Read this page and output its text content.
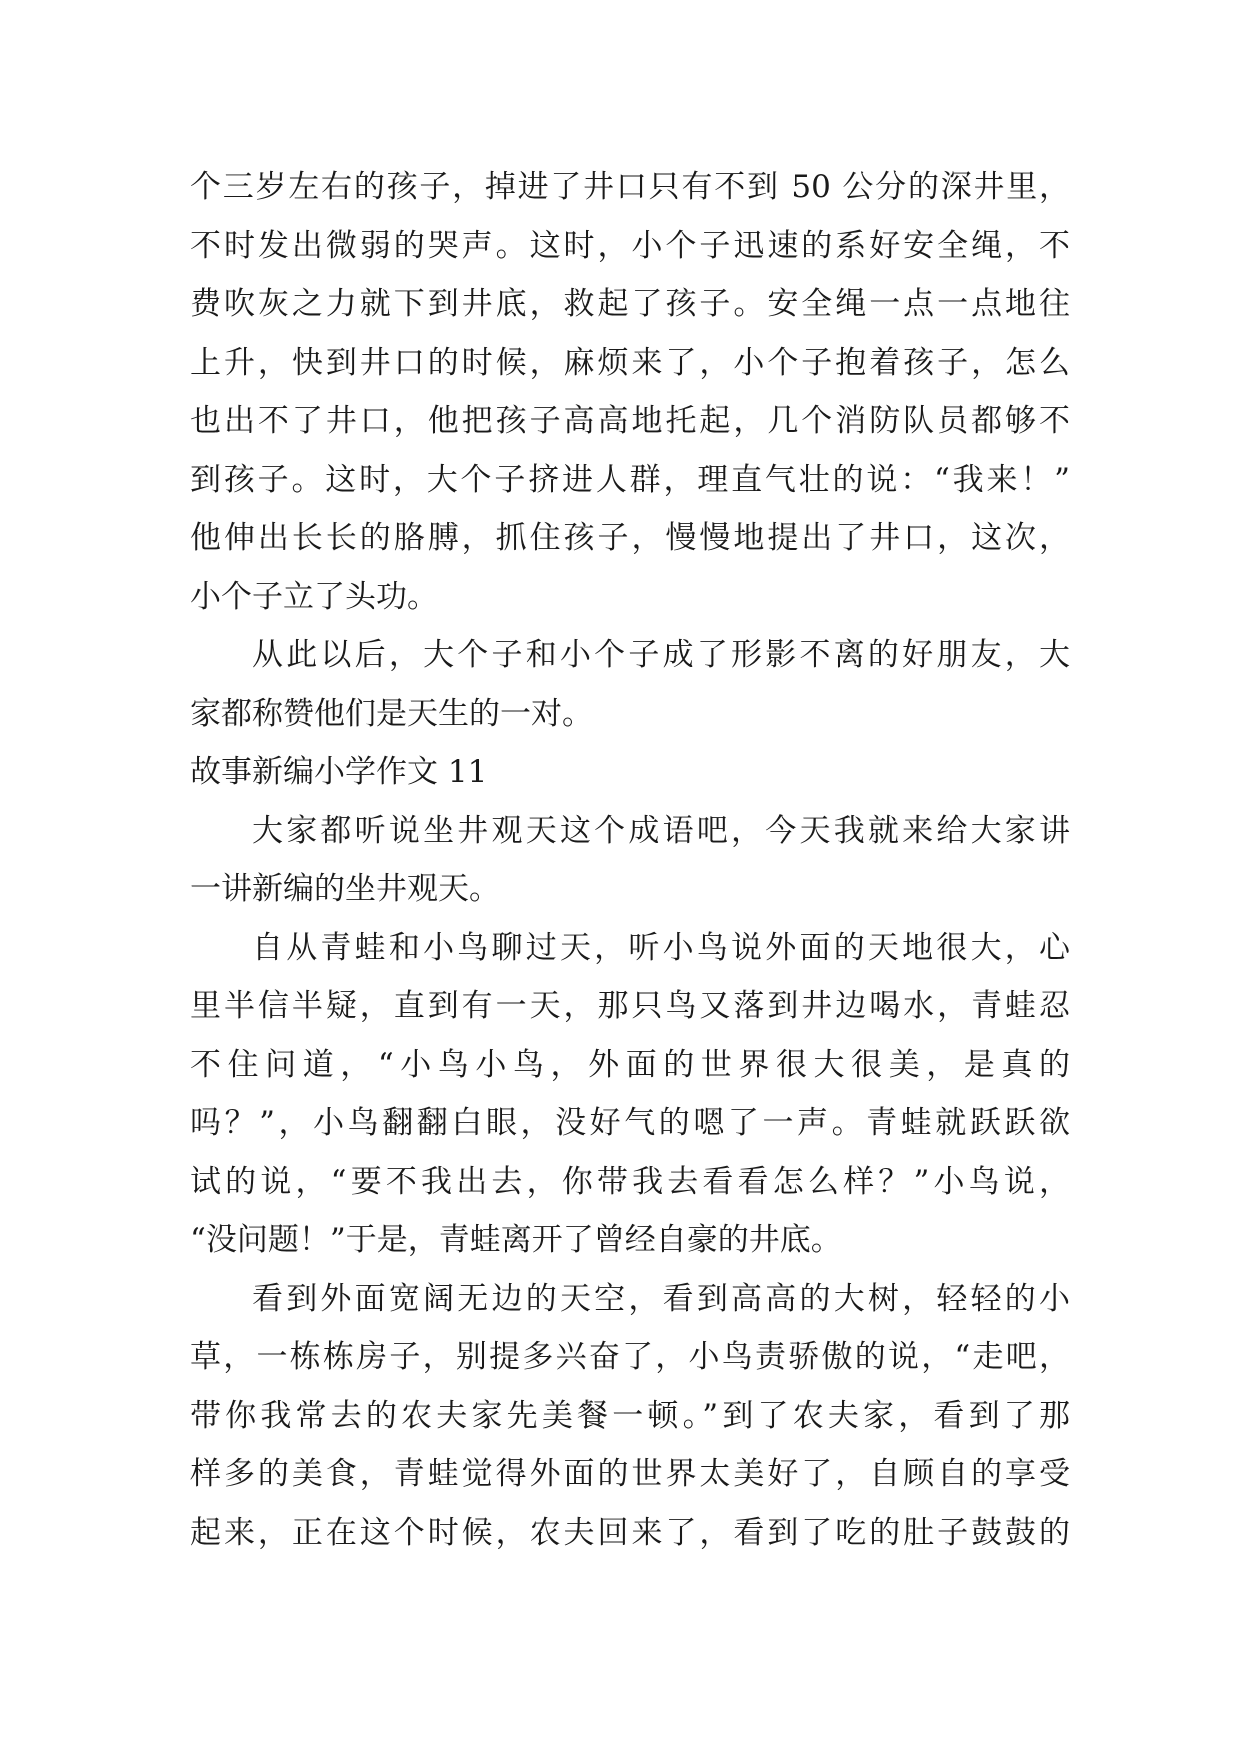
个三岁左右的孩子，掉进了井口只有不到 50 公分的深井里，
不时发出微弱的哭声。这时，小个子迅速的系好安全绳，不
费吹灰之力就下到井底，救起了孩子。安全绳一点一点地往
上升，快到井口的时候，麻烦来了，小个子抱着孩子，怎么
也出不了井口，他把孩子高高地托起，几个消防队员都够不
到孩子。这时，大个子挤进人群，理直气壮的说：“我来！”
他伸出长长的胳膊，抓住孩子，慢慢地提出了井口，这次，
小个子立了头功。
从此以后，大个子和小个子成了形影不离的好朋友，大
家都称赞他们是天生的一对。
故事新编小学作文 11
大家都听说坐井观天这个成语吧，今天我就来给大家讲
一讲新编的坐井观天。
自从青蛙和小鸟聊过天，听小鸟说外面的天地很大，心
里半信半疑，直到有一天，那只鸟又落到井边喝水，青蛙忍
不住问道，“小鸟小鸟，外面的世界很大很美，是真的
吗？”，小鸟翻翻白眼，没好气的嗯了一声。青蛙就跃跃欲
试的说，“要不我出去，你带我去看看怎么样？”小鸟说，
“没问题！”于是，青蛙离开了曾经自豪的井底。
看到外面宽阔无边的天空，看到高高的大树，轻轻的小
草，一栋栋房子，别提多兴奋了，小鸟责骄傲的说，“走吧，
带你我常去的农夫家先美餐一顿。”到了农夫家，看到了那
样多的美食，青蛙觉得外面的世界太美好了，自顾自的享受
起来，正在这个时候，农夫回来了，看到了吃的肚子鼓鼓的
